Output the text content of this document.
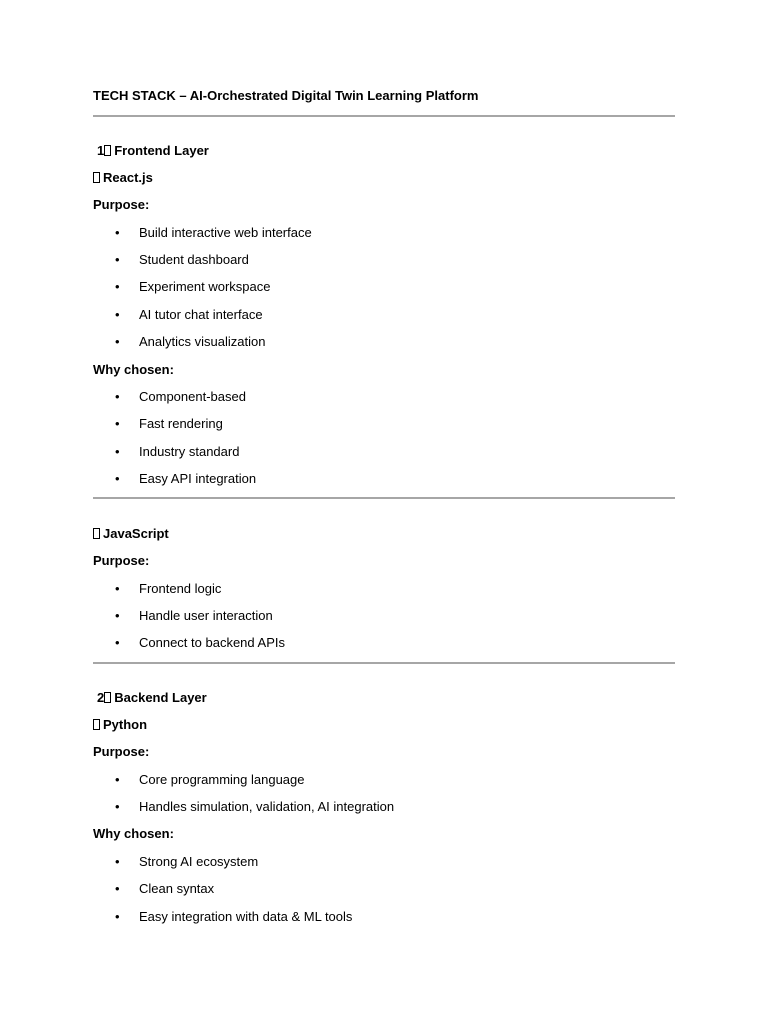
TECH STACK – AI-Orchestrated Digital Twin Learning Platform
1 Frontend Layer
React.js
Purpose:
• Build interactive web interface
• Student dashboard
• Experiment workspace
• AI tutor chat interface
• Analytics visualization
Why chosen:
• Component-based
• Fast rendering
• Industry standard
• Easy API integration
JavaScript
Purpose:
• Frontend logic
• Handle user interaction
• Connect to backend APIs
2 Backend Layer
Python
Purpose:
• Core programming language
• Handles simulation, validation, AI integration
Why chosen:
• Strong AI ecosystem
• Clean syntax
• Easy integration with data & ML tools
